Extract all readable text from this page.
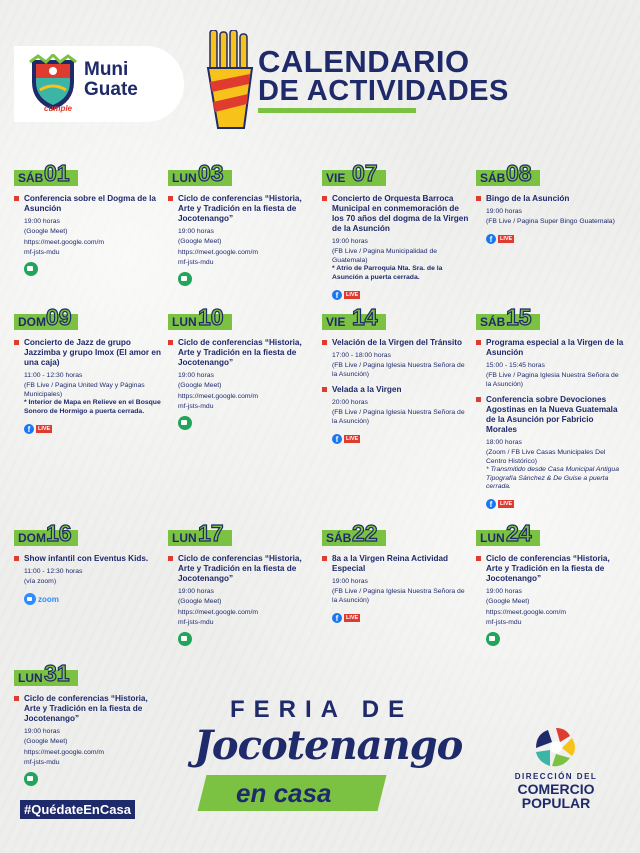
Muni
Guate
cumple
CALENDARIO
DE ACTIVIDADES
SÁB 01
Conferencia sobre el Dogma de la Asunción
19:00 horas
(Google Meet)
https://meet.google.com/m
mf-jsts-mdu
LUN 03
Ciclo de conferencias “Historia, Arte y Tradición en la fiesta de Jocotenango”
19:00 horas
(Google Meet)
https://meet.google.com/m
mf-jsts-mdu
VIE 07
Concierto de Orquesta Barroca Municipal en conmemoración de los 70 años del dogma de la Virgen de la Asunción
19:00 horas
(FB Live / Pagina Municipalidad de Guatemala)
* Atrio de Parroquia Nta. Sra. de la Asunción a puerta cerrada.
f LIVE
SÁB 08
Bingo de la Asunción
19:00 horas
(FB Live / Pagina Super Bingo Guatemala)
f LIVE
DOM 09
Concierto de Jazz de grupo Jazzimba y grupo Imox (El amor en una caja)
11:00 - 12:30 horas
(FB Live / Pagina United Way y Páginas Municipales)
* Interior de Mapa en Relieve en el Bosque Sonoro de Hormigo a puerta cerrada.
f LIVE
LUN 10
Ciclo de conferencias “Historia, Arte y Tradición en la fiesta de Jocotenango”
19:00 horas
(Google Meet)
https://meet.google.com/m
mf-jsts-mdu
VIE 14
Velación de la Virgen del Tránsito
17:00 - 18:00 horas
(FB Live / Pagina Iglesia Nuestra Señora de la Asunción)
Velada a la Virgen
20:00 horas
(FB Live / Pagina Iglesia Nuestra Señora de la Asunción)
f LIVE
SÁB 15
Programa especial a la Virgen de la Asunción
15:00 - 15:45 horas
(FB Live / Pagina Iglesia Nuestra Señora de la Asunción)
Conferencia sobre Devociones Agostinas en la Nueva Guatemala de la Asunción por Fabricio Morales
18:00 horas
(Zoom / FB Live Casas Municipales Del Centro Histórico)
* Transmitido desde Casa Municipal Antigua Tipografía Sánchez & De Guise a puerta cerrada.
f LIVE
DOM 16
Show infantil con Eventus Kids.
11:00 - 12:30 horas
(vía zoom)
zoom
LUN 17
Ciclo de conferencias “Historia, Arte y Tradición en la fiesta de Jocotenango”
19:00 horas
(Google Meet)
https://meet.google.com/m
mf-jsts-mdu
SÁB 22
8a a la Virgen Reina Actividad Especial
19:00 horas
(FB Live / Pagina Iglesia Nuestra Señora de la Asunción)
f LIVE
LUN 24
Ciclo de conferencias “Historia, Arte y Tradición en la fiesta de Jocotenango”
19:00 horas
(Google Meet)
https://meet.google.com/m
mf-jsts-mdu
LUN 31
Ciclo de conferencias “Historia, Arte y Tradición en la fiesta de Jocotenango”
19:00 horas
(Google Meet)
https://meet.google.com/m
mf-jsts-mdu
#QuédateEnCasa
FERIA DE
Jocotenango
en casa
DIRECCIÓN DEL
COMERCIO
POPULAR
